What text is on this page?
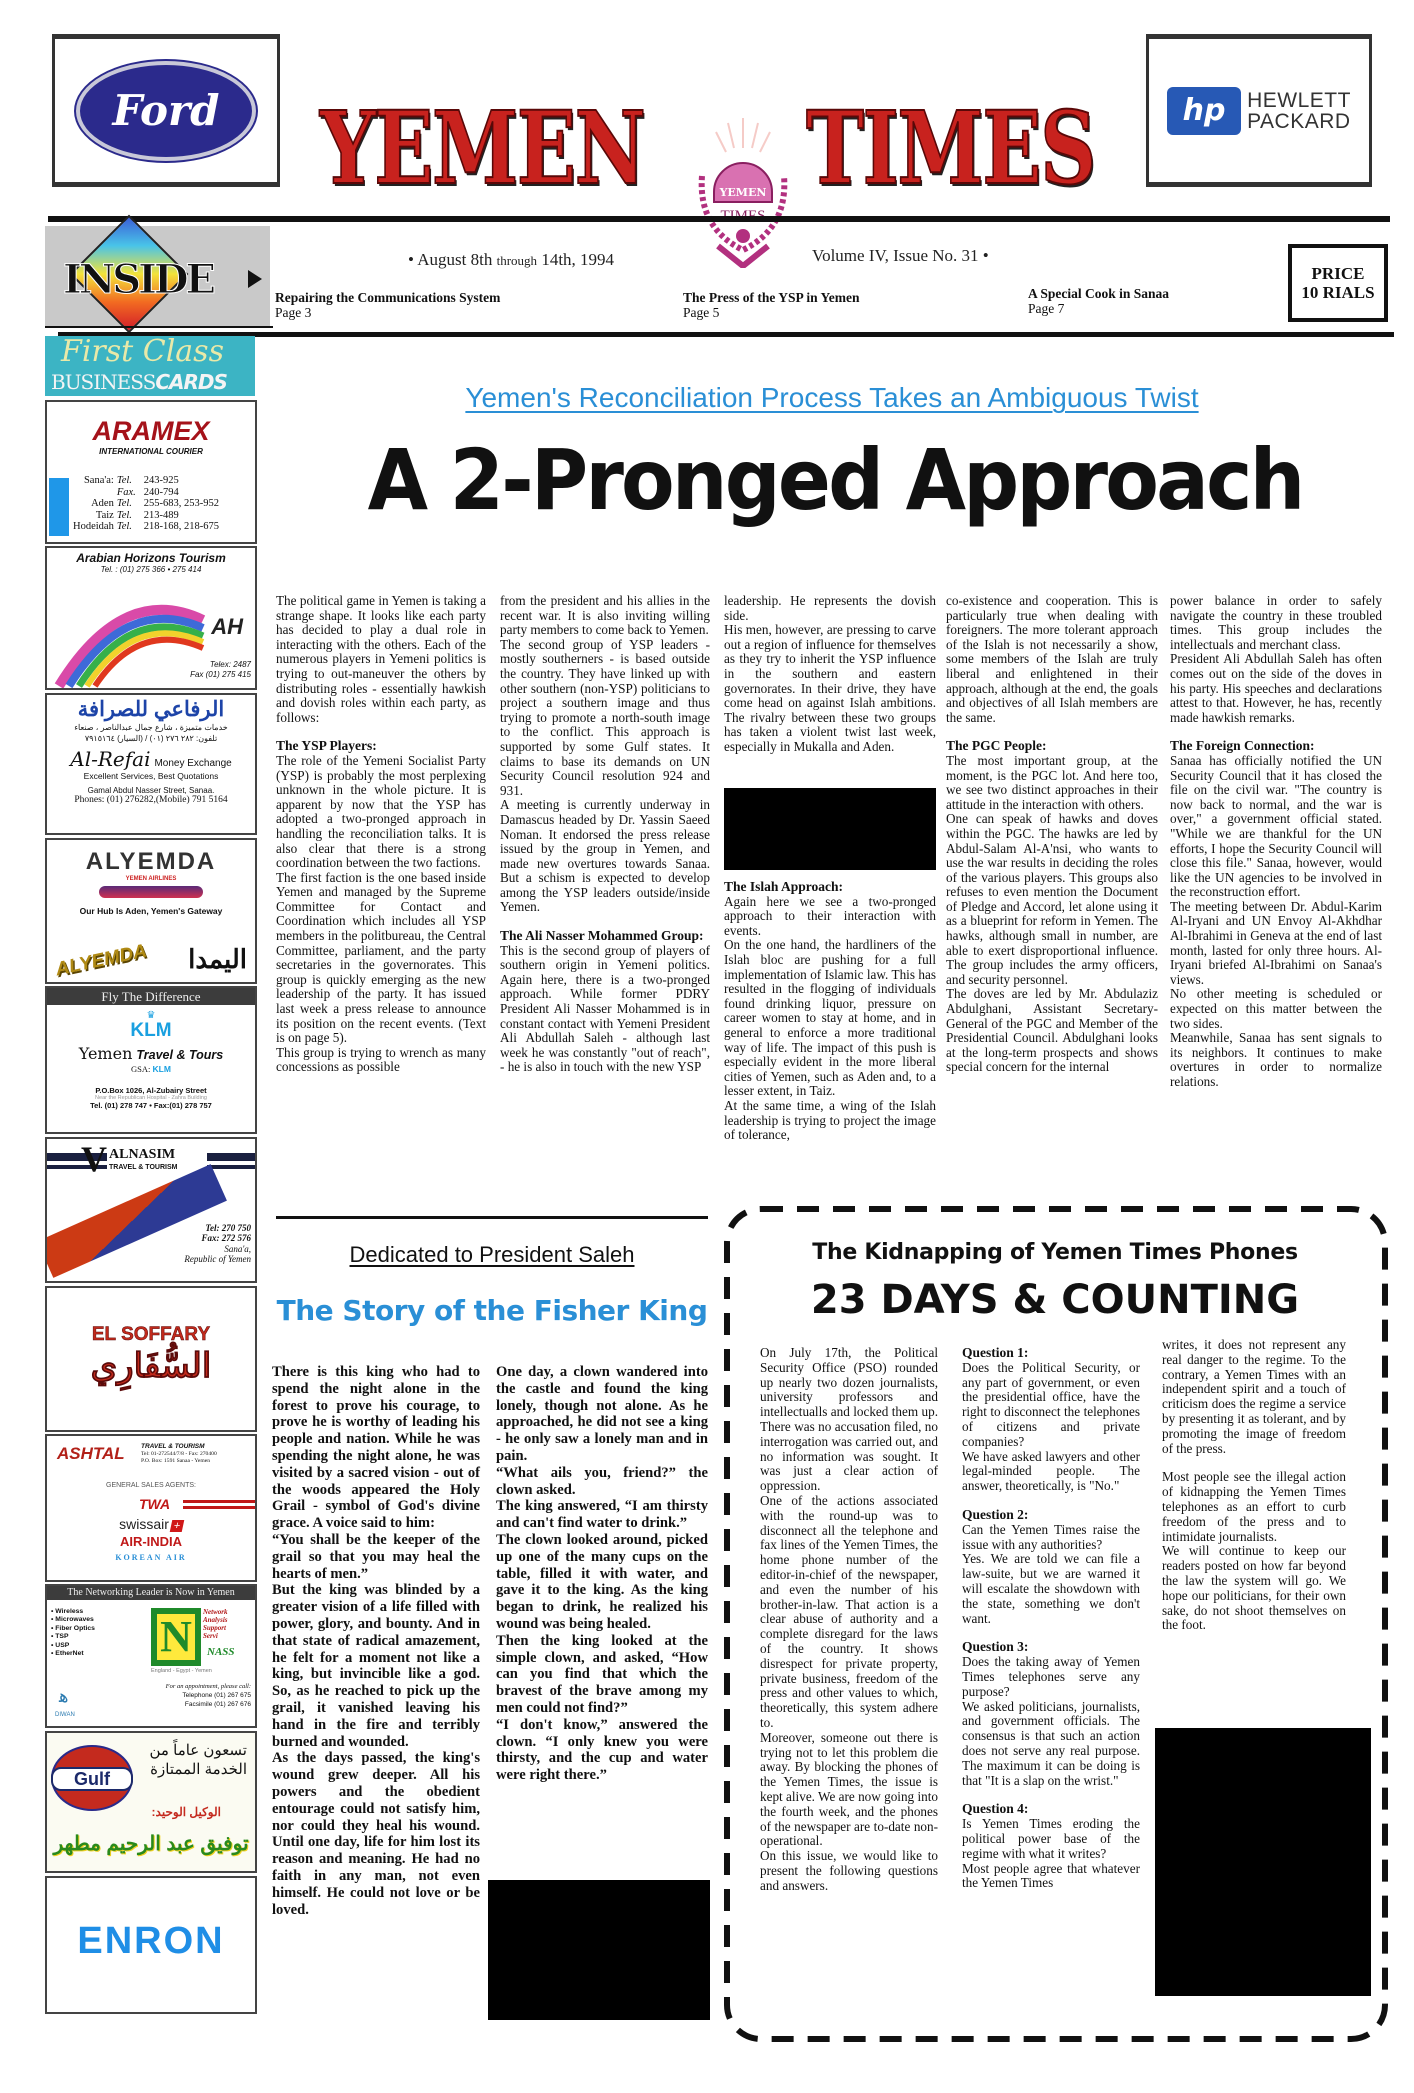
Ford YEMEN TIMES
YEMEN
hp HEWLETT
PACKARD
INSIDE	• August 8th through 14th, 1994	Volume IV, Issue No. 31 •
Repairing the Communications System
Page 3
The Press of the YSP in Yemen
Page 5
A Special Cook in Sanaa
Page 7
PRICE
10 RIALS
First Class
BUSINESSCARDS
ARAMEX
INTERNATIONAL COURIER
Sana'a:	Tel.	243-925
	Fax.	240-794
Aden	Tel.	255-683, 253-952
Taiz	Tel.	213-489
Hodeidah	Tel.	218-168, 218-675
Arabian Horizons Tourism
Tel. : (01) 275 366 • 275 414
AH
Telex: 2487
Fax (01) 275 415
الرفاعي للصرافة
خدمات متميزة ، شارع جمال عبدالناصر ، صنعاء
تلفون: ٢٨٢ ٢٧٦ (٠١) / (السيار) ٧٩١٥١٦٤
Al-Refai Money Exchange
Excellent Services, Best Quotations
Gamal Abdul Nasser Street, Sanaa.
Phones: (01) 276282,(Mobile) 791 5164
ALYEMDA
YEMEN AIRLINES
Our Hub Is Aden, Yemen's Gateway
ALYEMDA اليمدا
Fly The Difference
♛
KLM
Yemen Travel & Tours
GSA: KLM
P.O.Box 1026, Al-Zubairy Street
Near the Republican Hospital - Zahra Building
Tel. (01) 278 747 • Fax:(01) 278 757
V ALNASIM
TRAVEL & TOURISM
Tel: 270 750
Fax: 272 576
Sana'a,
Republic of Yemen
EL SOFFARY
السُّفَارِي
ASHTAL	TRAVEL & TOURISM
Tel: 01-272544/7/8 - Fax: 270400
P.O. Box: 1591 Sanaa - Yemen
GENERAL SALES AGENTS:
TWA
swissair +
AIR-INDIA
KOREAN AIR
The Networking Leader is Now in Yemen
• Wireless
• Microwaves
• Fiber Optics
• TSP
• USP
• EtherNet N	Network
Analysis
Support
Servi
NASS
England - Egypt - Yemen
ﻫ
DIWAN
For an appointment, please call:
Telephone (01) 267 675
Facsimile (01) 267 676
Gulf
تسعون عاماً من
الخدمة الممتازة
الوكيل الوحيد:
توفيق عبد الرحيم مطهر
ENRON
Yemen's Reconciliation Process Takes an Ambiguous Twist
A 2-Pronged Approach

The political game in Yemen is taking a strange shape. It looks like each party has decided to play a dual role in interacting with the others. Each of the numerous players in Yemeni politics is trying to out-maneuver the others by distributing roles - essentially hawkish and dovish roles within each party, as follows:

The YSP Players:

The role of the Yemeni Socialist Party (YSP) is probably the most perplexing unknown in the whole picture. It is apparent by now that the YSP has adopted a two-pronged approach in handling the reconciliation talks. It is also clear that there is a strong coordination between the two factions.

The first faction is the one based inside Yemen and managed by the Supreme Committee for Contact and Coordination which includes all YSP members in the politbureau, the Central Committee, parliament, and the party secretaries in the governorates. This group is quickly emerging as the new leadership of the party. It has issued last week a press release to announce its position on the recent events. (Text is on page 5).

This group is trying to wrench as many concessions as possible

from the president and his allies in the recent war. It is also inviting willing party members to come back to Yemen.

The second group of YSP leaders - mostly southerners - is based outside the country. They have linked up with other southern (non-YSP) politicians to project a southern image and thus trying to promote a north-south image to the conflict. This approach is supported by some Gulf states. It claims to base its demands on UN Security Council resolution 924 and 931.

A meeting is currently underway in Damascus headed by Dr. Yassin Saeed Noman. It endorsed the press release issued by the group in Yemen, and made new overtures towards Sanaa. But a schism is expected to develop among the YSP leaders outside/inside Yemen.

The Ali Nasser Mohammed Group:

This is the second group of players of southern origin in Yemeni politics. Again here, there is a two-pronged approach. While former PDRY President Ali Nasser Mohammed is in constant contact with Yemeni President Ali Abdullah Saleh - although last week he was constantly "out of reach", - he is also in touch with the new YSP

leadership. He represents the dovish side.

His men, however, are pressing to carve out a region of influence for themselves as they try to inherit the YSP influence in the southern and eastern governorates. In their drive, they have come head on against Islah ambitions. The rivalry between these two groups has taken a violent twist last week, especially in Mukalla and Aden.

The Islah Approach:

Again here we see a two-pronged approach to their interaction with events.

On the one hand, the hardliners of the Islah bloc are pushing for a full implementation of Islamic law. This has resulted in the flogging of individuals found drinking liquor, pressure on career women to stay at home, and in general to enforce a more traditional way of life. The impact of this push is especially evident in the more liberal cities of Yemen, such as Aden and, to a lesser extent, in Taiz.

At the same time, a wing of the Islah leadership is trying to project the image of tolerance,

co-existence and cooperation. This is particularly true when dealing with foreigners. The more tolerant approach of the Islah is not necessarily a show, some members of the Islah are truly liberal and enlightened in their approach, although at the end, the goals and objectives of all Islah members are the same.

The PGC People:

The most important group, at the moment, is the PGC lot. And here too, we see two distinct approaches in their attitude in the interaction with others.

One can speak of hawks and doves within the PGC. The hawks are led by Abdul-Salam Al-A'nsi, who wants to use the war results in deciding the roles of the various players. This groups also refuses to even mention the Document of Pledge and Accord, let alone using it as a blueprint for reform in Yemen. The hawks, although small in number, are able to exert disproportional influence. The group includes the army officers, and security personnel.

The doves are led by Mr. Abdulaziz Abdulghani, Assistant Secretary-General of the PGC and Member of the Presidential Council. Abdulghani looks at the long-term prospects and shows special concern for the internal

power balance in order to safely navigate the country in these troubled times. This group includes the intellectuals and merchant class.

President Ali Abdullah Saleh has often comes out on the side of the doves in his party. His speeches and declarations attest to that. However, he has, recently made hawkish remarks.

The Foreign Connection:

Sanaa has officially notified the UN Security Council that it has closed the file on the civil war. "The country is now back to normal, and the war is over," a government official stated. "While we are thankful for the UN efforts, I hope the Security Council will close this file." Sanaa, however, would like the UN agencies to be involved in the reconstruction effort.

The meeting between Dr. Abdul-Karim Al-Iryani and UN Envoy Al-Akhdhar Al-Ibrahimi in Geneva at the end of last month, lasted for only three hours. Al-Iryani briefed Al-Ibrahimi on Sanaa's views.

No other meeting is scheduled or expected on this matter between the two sides.

Meanwhile, Sanaa has sent signals to its neighbors. It continues to make overtures in order to normalize relations.

Dedicated to President Saleh
The Story of the Fisher King

There is this king who had to spend the night alone in the forest to prove his courage, to prove he is worthy of leading his people and nation. While he was spending the night alone, he was visited by a sacred vision - out of the woods appeared the Holy Grail - symbol of God's divine grace. A voice said to him:

“You shall be the keeper of the grail so that you may heal the hearts of men.”

But the king was blinded by a greater vision of a life filled with power, glory, and bounty. And in that state of radical amazement, he felt for a moment not like a king, but invincible like a god. So, as he reached to pick up the grail, it vanished leaving his hand in the fire and terribly burned and wounded.

As the days passed, the king's wound grew deeper. All his powers and the obedient entourage could not satisfy him, nor could they heal his wound. Until one day, life for him lost its reason and meaning. He had no faith in any man, not even himself. He could not love or be loved.

One day, a clown wandered into the castle and found the king lonely, though not alone. As he approached, he did not see a king - he only saw a lonely man and in pain.

“What ails you, friend?” the clown asked.

The king answered, “I am thirsty and can't find water to drink.”

The clown looked around, picked up one of the many cups on the table, filled it with water, and gave it to the king. As the king began to drink, he realized his wound was being healed.

Then the king looked at the simple clown, and asked, “How can you find that which the bravest of the brave among my men could not find?”

“I don't know,” answered the clown. “I only knew you were thirsty, and the cup and water were right there.”

The Kidnapping of Yemen Times Phones
23 DAYS & COUNTING

On July 17th, the Political Security Office (PSO) rounded up nearly two dozen journalists, university professors and intellectualls and locked them up. There was no accusation filed, no interrogation was carried out, and no information was sought. It was just a clear action of oppression.

One of the actions associated with the round-up was to disconnect all the telephone and fax lines of the Yemen Times, the home phone number of the editor-in-chief of the newspaper, and even the number of his brother-in-law. That action is a clear abuse of authority and a complete disregard for the laws of the country. It shows disrespect for private property, private business, freedom of the press and other values to which, theoretically, this system adhere to.

Moreover, someone out there is trying not to let this problem die away. By blocking the phones of the Yemen Times, the issue is kept alive. We are now going into the fourth week, and the phones of the newspaper are to-date non-operational.

On this issue, we would like to present the following questions and answers.

Question 1:

Does the Political Security, or any part of government, or even the presidential office, have the right to disconnect the telephones of citizens and private companies?

We have asked lawyers and other legal-minded people. The answer, theoretically, is "No."

Question 2:

Can the Yemen Times raise the issue with any authorities?

Yes. We are told we can file a law-suite, but we are warned it will escalate the showdown with the state, something we don't want.

Question 3:

Does the taking away of Yemen Times telephones serve any purpose?

We asked politicians, journalists, and government officials. The consensus is that such an action does not serve any real purpose. The maximum it can be doing is that "It is a slap on the wrist."

Question 4:

Is Yemen Times eroding the political power base of the regime with what it writes?

Most people agree that whatever the Yemen Times

writes, it does not represent any real danger to the regime. To the contrary, a Yemen Times with an independent spirit and a touch of criticism does the regime a service by presenting it as tolerant, and by promoting the image of freedom of the press.

Most people see the illegal action of kidnapping the Yemen Times telephones as an effort to curb freedom of the press and to intimidate journalists.

We will continue to keep our readers posted on how far beyond the law the system will go. We hope our politicians, for their own sake, do not shoot themselves on the foot.
